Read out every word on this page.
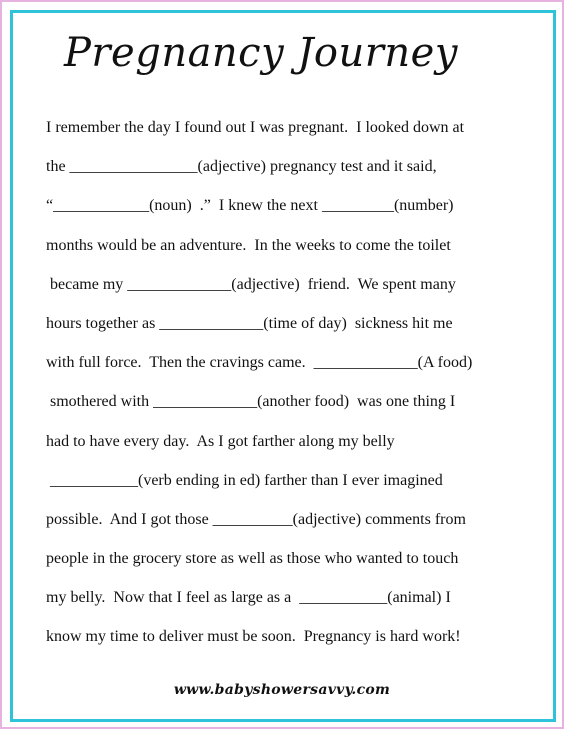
Pregnancy Journey
I remember the day I found out I was pregnant.  I looked down at
the ________________(adjective) pregnancy test and it said,
“____________(noun)  .”  I knew the next _________(number)
months would be an adventure.  In the weeks to come the toilet
became my _____________(adjective)  friend.  We spent many
hours together as _____________(time of day)  sickness hit me
with full force.  Then the cravings came.  _____________(A food)
smothered with _____________(another food)  was one thing I
had to have every day.  As I got farther along my belly
___________(verb ending in ed) farther than I ever imagined
possible.  And I got those __________(adjective) comments from
people in the grocery store as well as those who wanted to touch
my belly.  Now that I feel as large as a  ___________(animal) I
know my time to deliver must be soon.  Pregnancy is hard work!
www.babyshowersavvy.com
